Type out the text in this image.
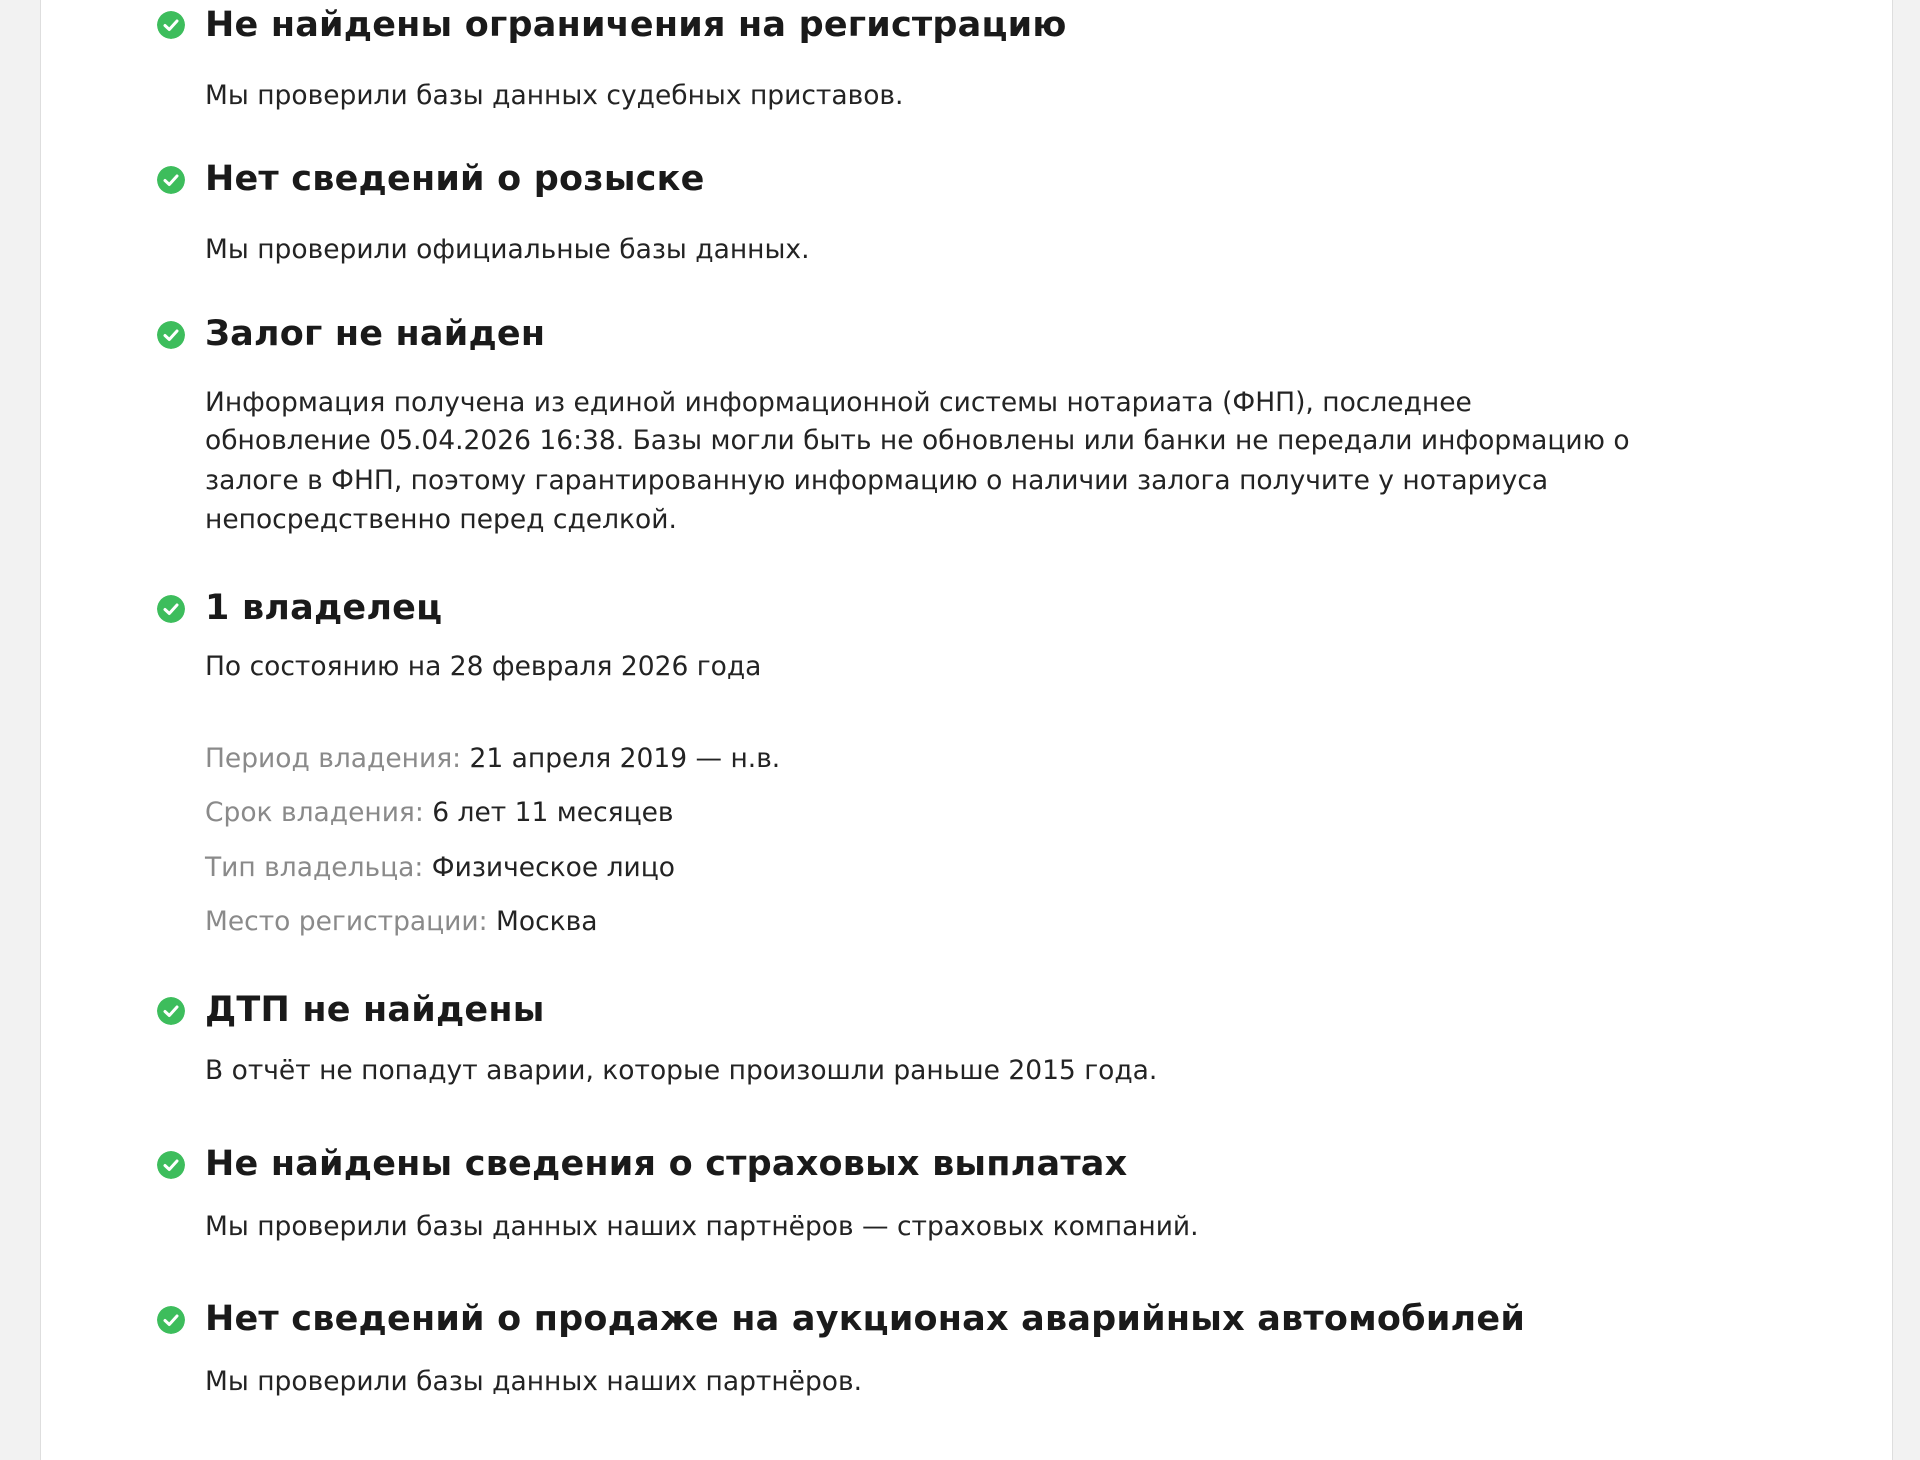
Не найдены ограничения на регистрацию

Мы проверили базы данных судебных приставов.

Нет сведений о розыске

Мы проверили официальные базы данных.

Залог не найден

Информация получена из единой информационной системы нотариата (ФНП), последнее

обновление 05.04.2026 16:38. Базы могли быть не обновлены или банки не передали информацию о

залоге в ФНП, поэтому гарантированную информацию о наличии залога получите у нотариуса

непосредственно перед сделкой.

1 владелец

По состоянию на 28 февраля 2026 года

Период владения: 21 апреля 2019 — н.в.

Срок владения: 6 лет 11 месяцев

Тип владельца: Физическое лицо

Место регистрации: Москва

ДТП не найдены

В отчёт не попадут аварии, которые произошли раньше 2015 года.

Не найдены сведения о страховых выплатах

Мы проверили базы данных наших партнёров — страховых компаний.

Нет сведений о продаже на аукционах аварийных автомобилей

Мы проверили базы данных наших партнёров.
